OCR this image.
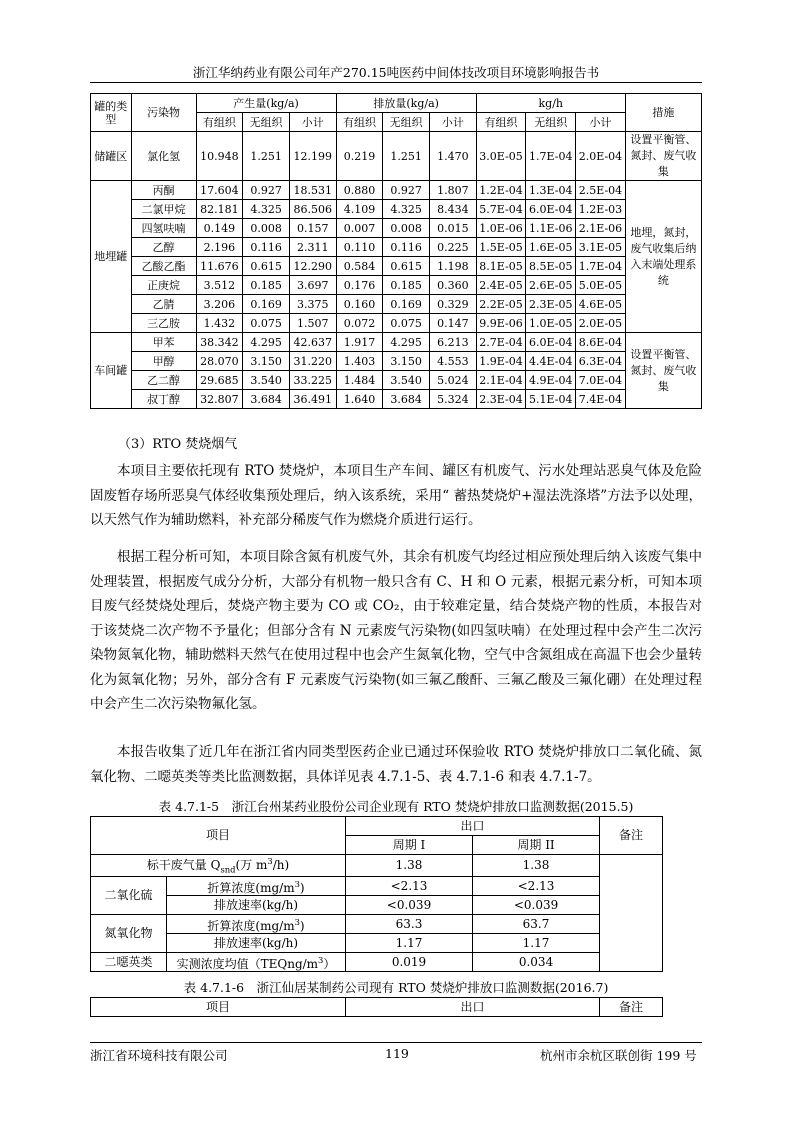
浙江华纳药业有限公司年产270.15吨医药中间体技改项目环境影响报告书
罐的类型	污染物	产生量(kg/a)			排放量(kg/a)			kg/h			措施
		有组织	无组织	小计	有组织	无组织	小计	有组织	无组织	小计	
储罐区	氯化氢	10.948	1.251	12.199	0.219	1.251	1.470	3.0E-05	1.7E-04	2.0E-04	设置平衡管、氮封、废气收集
地埋罐	丙酮	17.604	0.927	18.531	0.880	0.927	1.807	1.2E-04	1.3E-04	2.5E-04	地埋，氮封，废气收集后纳入末端处理系统
	二氯甲烷	82.181	4.325	86.506	4.109	4.325	8.434	5.7E-04	6.0E-04	1.2E-03	
	四氢呋喃	0.149	0.008	0.157	0.007	0.008	0.015	1.0E-06	1.1E-06	2.1E-06	
	乙醇	2.196	0.116	2.311	0.110	0.116	0.225	1.5E-05	1.6E-05	3.1E-05	
	乙酸乙酯	11.676	0.615	12.290	0.584	0.615	1.198	8.1E-05	8.5E-05	1.7E-04	
	正庚烷	3.512	0.185	3.697	0.176	0.185	0.360	2.4E-05	2.6E-05	5.0E-05	
	乙腈	3.206	0.169	3.375	0.160	0.169	0.329	2.2E-05	2.3E-05	4.6E-05	
	三乙胺	1.432	0.075	1.507	0.072	0.075	0.147	9.9E-06	1.0E-05	2.0E-05	
车间罐	甲苯	38.342	4.295	42.637	1.917	4.295	6.213	2.7E-04	6.0E-04	8.6E-04	设置平衡管、氮封、废气收集
	甲醇	28.070	3.150	31.220	1.403	3.150	4.553	1.9E-04	4.4E-04	6.3E-04	
	乙二醇	29.685	3.540	33.225	1.484	3.540	5.024	2.1E-04	4.9E-04	7.0E-04	
	叔丁醇	32.807	3.684	36.491	1.640	3.684	5.324	2.3E-04	5.1E-04	7.4E-04	
（3）RTO 焚烧烟气

本项目主要依托现有 RTO 焚烧炉，本项目生产车间、罐区有机废气、污水处理站恶臭气体及危险固废暂存场所恶臭气体经收集预处理后，纳入该系统，采用“ 蓄热焚烧炉+湿法洗涤塔”方法予以处理，以天然气作为辅助燃料，补充部分稀废气作为燃烧介质进行运行。

根据工程分析可知，本项目除含氮有机废气外，其余有机废气均经过相应预处理后纳入该废气集中处理装置，根据废气成分分析，大部分有机物一般只含有 C、H 和 O 元素，根据元素分析，可知本项目废气经焚烧处理后，焚烧产物主要为 CO 或 CO₂，由于较难定量，结合焚烧产物的性质，本报告对于该焚烧二次产物不予量化；但部分含有 N 元素废气污染物(如四氢呋喃）在处理过程中会产生二次污染物氮氧化物，辅助燃料天然气在使用过程中也会产生氮氧化物，空气中含氮组成在高温下也会少量转化为氮氧化物；另外，部分含有 F 元素废气污染物(如三氟乙酸酐、三氟乙酸及三氟化硼）在处理过程中会产生二次污染物氟化氢。

本报告收集了近几年在浙江省内同类型医药企业已通过环保验收 RTO 焚烧炉排放口二氧化硫、氮氧化物、二噁英类等类比监测数据，具体详见表 4.7.1-5、表 4.7.1-6 和表 4.7.1-7。

表 4.7.1-5　浙江台州某药业股份公司企业现有 RTO 焚烧炉排放口监测数据(2015.5)
项目		出口		备注
		周期 I	周期 II	
标干废气量 $Q_{snd}$(万 $m^3/h$)		1.38	1.38	
二氧化硫	折算浓度$(mg/m^3)$	<2.13	<2.13	
	排放速率(kg/h)	<0.039	<0.039	
氮氧化物	折算浓度$(mg/m^3)$	63.3	63.7	
	排放速率(kg/h)	1.17	1.17	
二噁英类	实测浓度均值$(TEQng/m^3)$	0.019	0.034	
表 4.7.1-6　浙江仙居某制药公司现有 RTO 焚烧炉排放口监测数据(2016.7)
项目	出口	备注
浙江省环境科技有限公司	119	杭州市余杭区联创街 199 号
